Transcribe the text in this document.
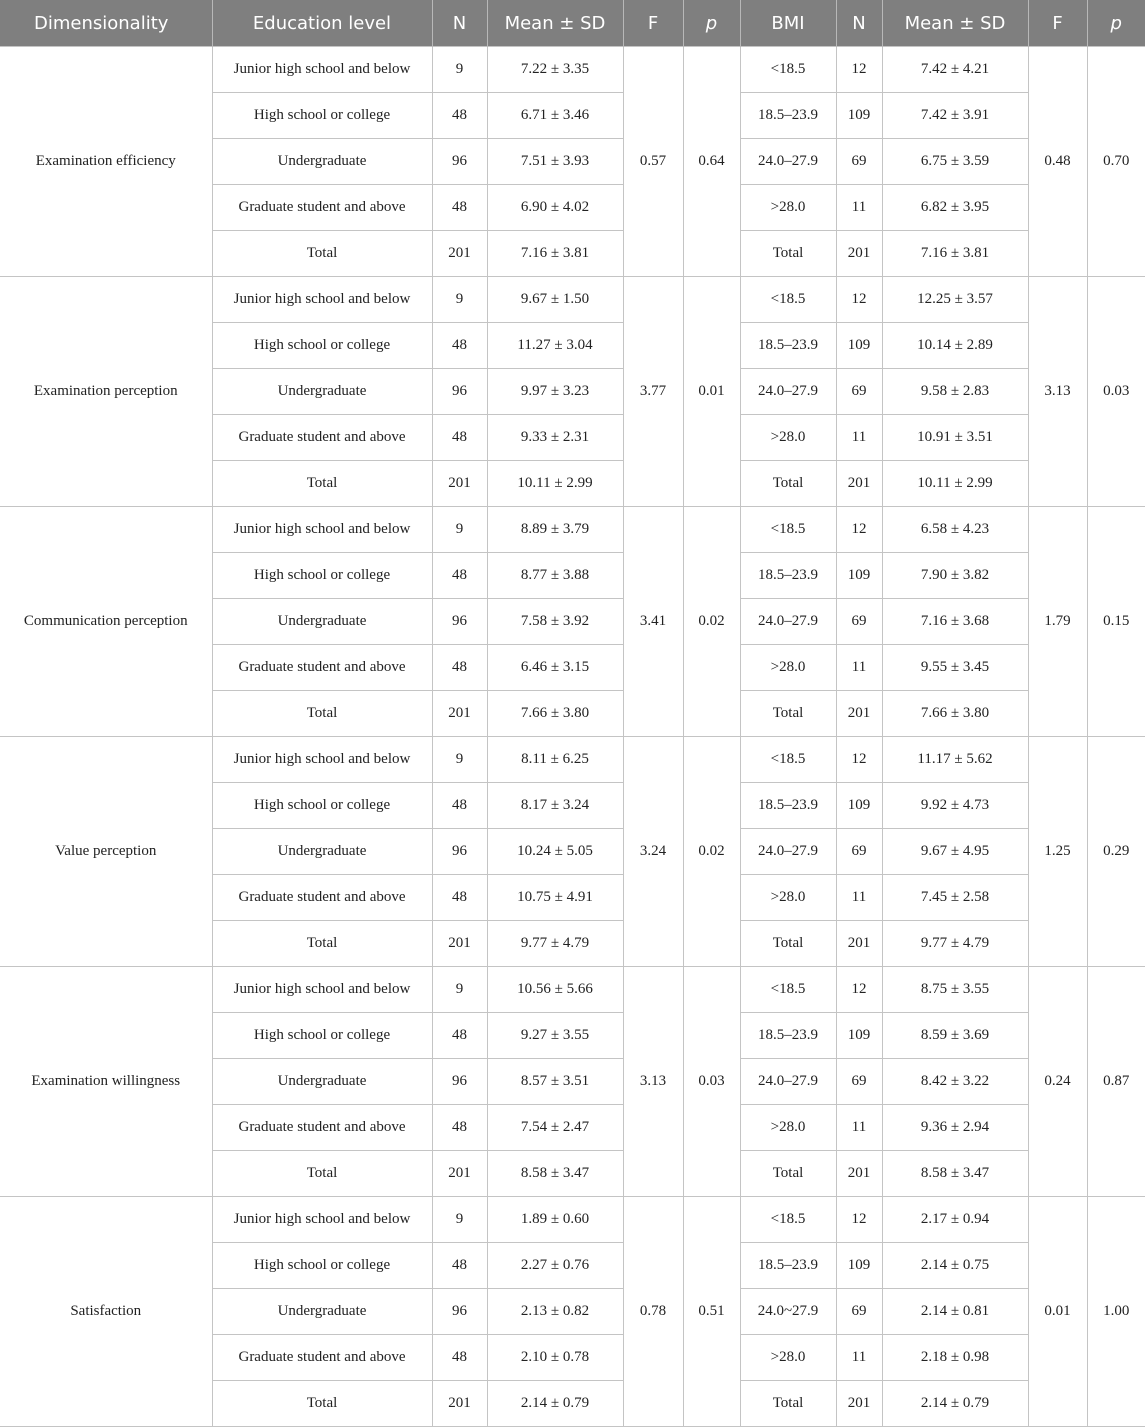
Dimensionality	Education level	N	Mean ± SD	F	p	BMI	N	Mean ± SD	F	p
Examination efficiency	Junior high school and below	9	7.22 ± 3.35	0.57	0.64	<18.5	12	7.42 ± 4.21	0.48	0.70
	High school or college	48	6.71 ± 3.46			18.5–23.9	109	7.42 ± 3.91		
	Undergraduate	96	7.51 ± 3.93			24.0–27.9	69	6.75 ± 3.59		
	Graduate student and above	48	6.90 ± 4.02			>28.0	11	6.82 ± 3.95		
	Total	201	7.16 ± 3.81			Total	201	7.16 ± 3.81		
Examination perception	Junior high school and below	9	9.67 ± 1.50	3.77	0.01	<18.5	12	12.25 ± 3.57	3.13	0.03
	High school or college	48	11.27 ± 3.04			18.5–23.9	109	10.14 ± 2.89		
	Undergraduate	96	9.97 ± 3.23			24.0–27.9	69	9.58 ± 2.83		
	Graduate student and above	48	9.33 ± 2.31			>28.0	11	10.91 ± 3.51		
	Total	201	10.11 ± 2.99			Total	201	10.11 ± 2.99		
Communication perception	Junior high school and below	9	8.89 ± 3.79	3.41	0.02	<18.5	12	6.58 ± 4.23	1.79	0.15
	High school or college	48	8.77 ± 3.88			18.5–23.9	109	7.90 ± 3.82		
	Undergraduate	96	7.58 ± 3.92			24.0–27.9	69	7.16 ± 3.68		
	Graduate student and above	48	6.46 ± 3.15			>28.0	11	9.55 ± 3.45		
	Total	201	7.66 ± 3.80			Total	201	7.66 ± 3.80		
Value perception	Junior high school and below	9	8.11 ± 6.25	3.24	0.02	<18.5	12	11.17 ± 5.62	1.25	0.29
	High school or college	48	8.17 ± 3.24			18.5–23.9	109	9.92 ± 4.73		
	Undergraduate	96	10.24 ± 5.05			24.0–27.9	69	9.67 ± 4.95		
	Graduate student and above	48	10.75 ± 4.91			>28.0	11	7.45 ± 2.58		
	Total	201	9.77 ± 4.79			Total	201	9.77 ± 4.79		
Examination willingness	Junior high school and below	9	10.56 ± 5.66	3.13	0.03	<18.5	12	8.75 ± 3.55	0.24	0.87
	High school or college	48	9.27 ± 3.55			18.5–23.9	109	8.59 ± 3.69		
	Undergraduate	96	8.57 ± 3.51			24.0–27.9	69	8.42 ± 3.22		
	Graduate student and above	48	7.54 ± 2.47			>28.0	11	9.36 ± 2.94		
	Total	201	8.58 ± 3.47			Total	201	8.58 ± 3.47		
Satisfaction	Junior high school and below	9	1.89 ± 0.60	0.78	0.51	<18.5	12	2.17 ± 0.94	0.01	1.00
	High school or college	48	2.27 ± 0.76			18.5–23.9	109	2.14 ± 0.75		
	Undergraduate	96	2.13 ± 0.82			24.0~27.9	69	2.14 ± 0.81		
	Graduate student and above	48	2.10 ± 0.78			>28.0	11	2.18 ± 0.98		
	Total	201	2.14 ± 0.79			Total	201	2.14 ± 0.79		
